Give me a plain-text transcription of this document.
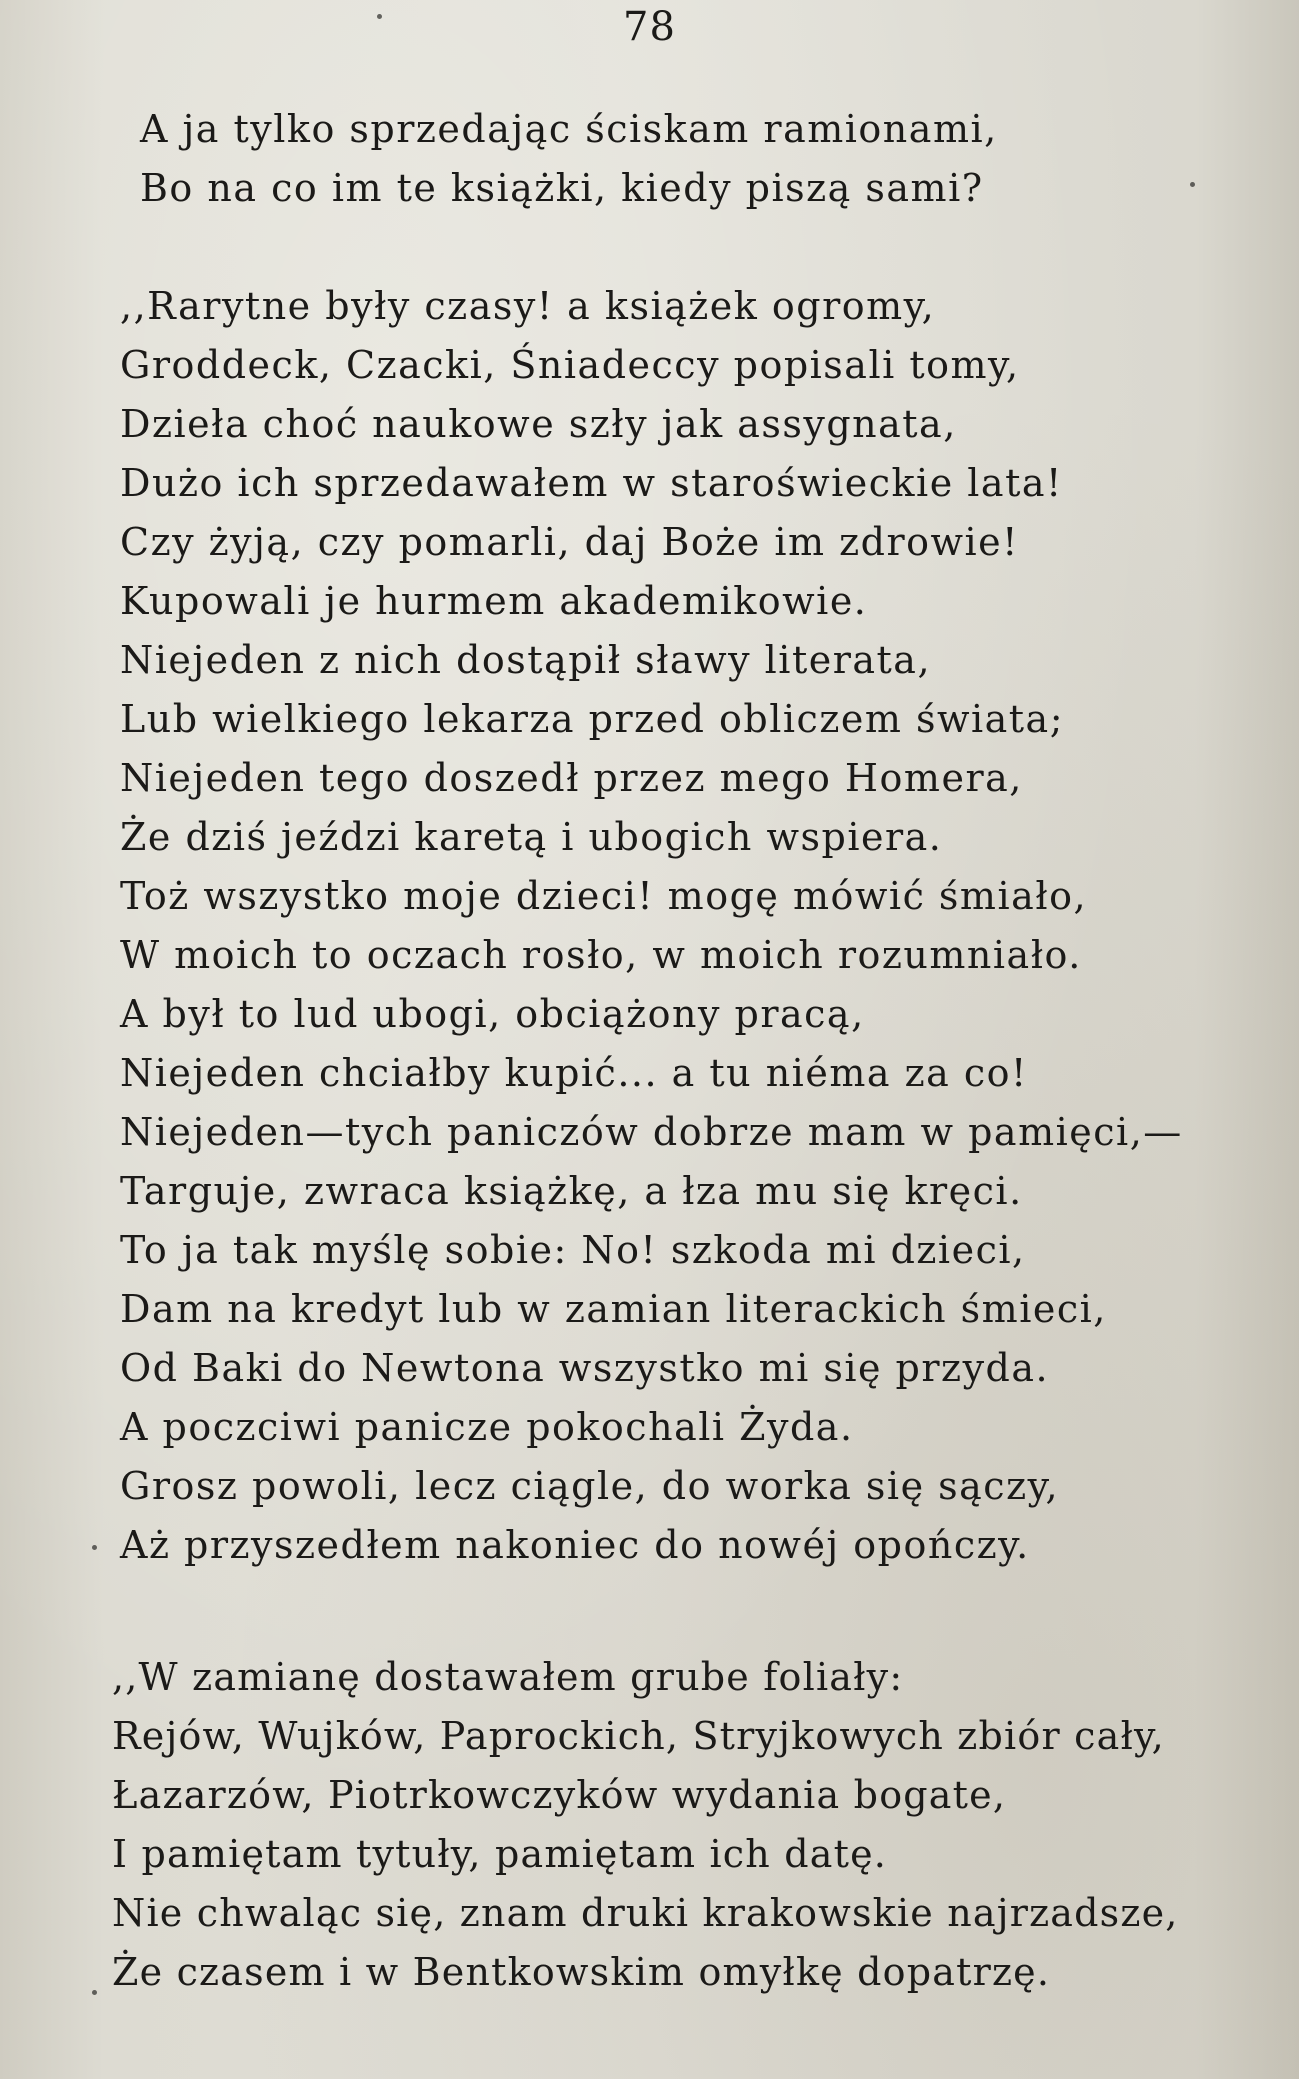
78
A ja tylko sprzedając ściskam ramionami,
Bo na co im te książki, kiedy piszą sami?
,,Rarytne były czasy! a książek ogromy,
Groddeck, Czacki, Śniadeccy popisali tomy,
Dzieła choć naukowe szły jak assygnata,
Dużo ich sprzedawałem w staroświeckie lata!
Czy żyją, czy pomarli, daj Boże im zdrowie!
Kupowali je hurmem akademikowie.
Niejeden z nich dostąpił sławy literata,
Lub wielkiego lekarza przed obliczem świata;
Niejeden tego doszedł przez mego Homera,
Że dziś jeździ karetą i ubogich wspiera.
Toż wszystko moje dzieci! mogę mówić śmiało,
W moich to oczach rosło, w moich rozumniało.
A był to lud ubogi, obciążony pracą,
Niejeden chciałby kupić... a tu niéma za co!
Niejeden—tych paniczów dobrze mam w pamięci,—
Targuje, zwraca książkę, a łza mu się kręci.
To ja tak myślę sobie: No! szkoda mi dzieci,
Dam na kredyt lub w zamian literackich śmieci,
Od Baki do Newtona wszystko mi się przyda.
A poczciwi panicze pokochali Żyda.
Grosz powoli, lecz ciągle, do worka się sączy,
Aż przyszedłem nakoniec do nowéj opończy.
,,W zamianę dostawałem grube foliały:
Rejów, Wujków, Paprockich, Stryjkowych zbiór cały,
Łazarzów, Piotrkowczyków wydania bogate,
I pamiętam tytuły, pamiętam ich datę.
Nie chwaląc się, znam druki krakowskie najrzadsze,
Że czasem i w Bentkowskim omyłkę dopatrzę.
